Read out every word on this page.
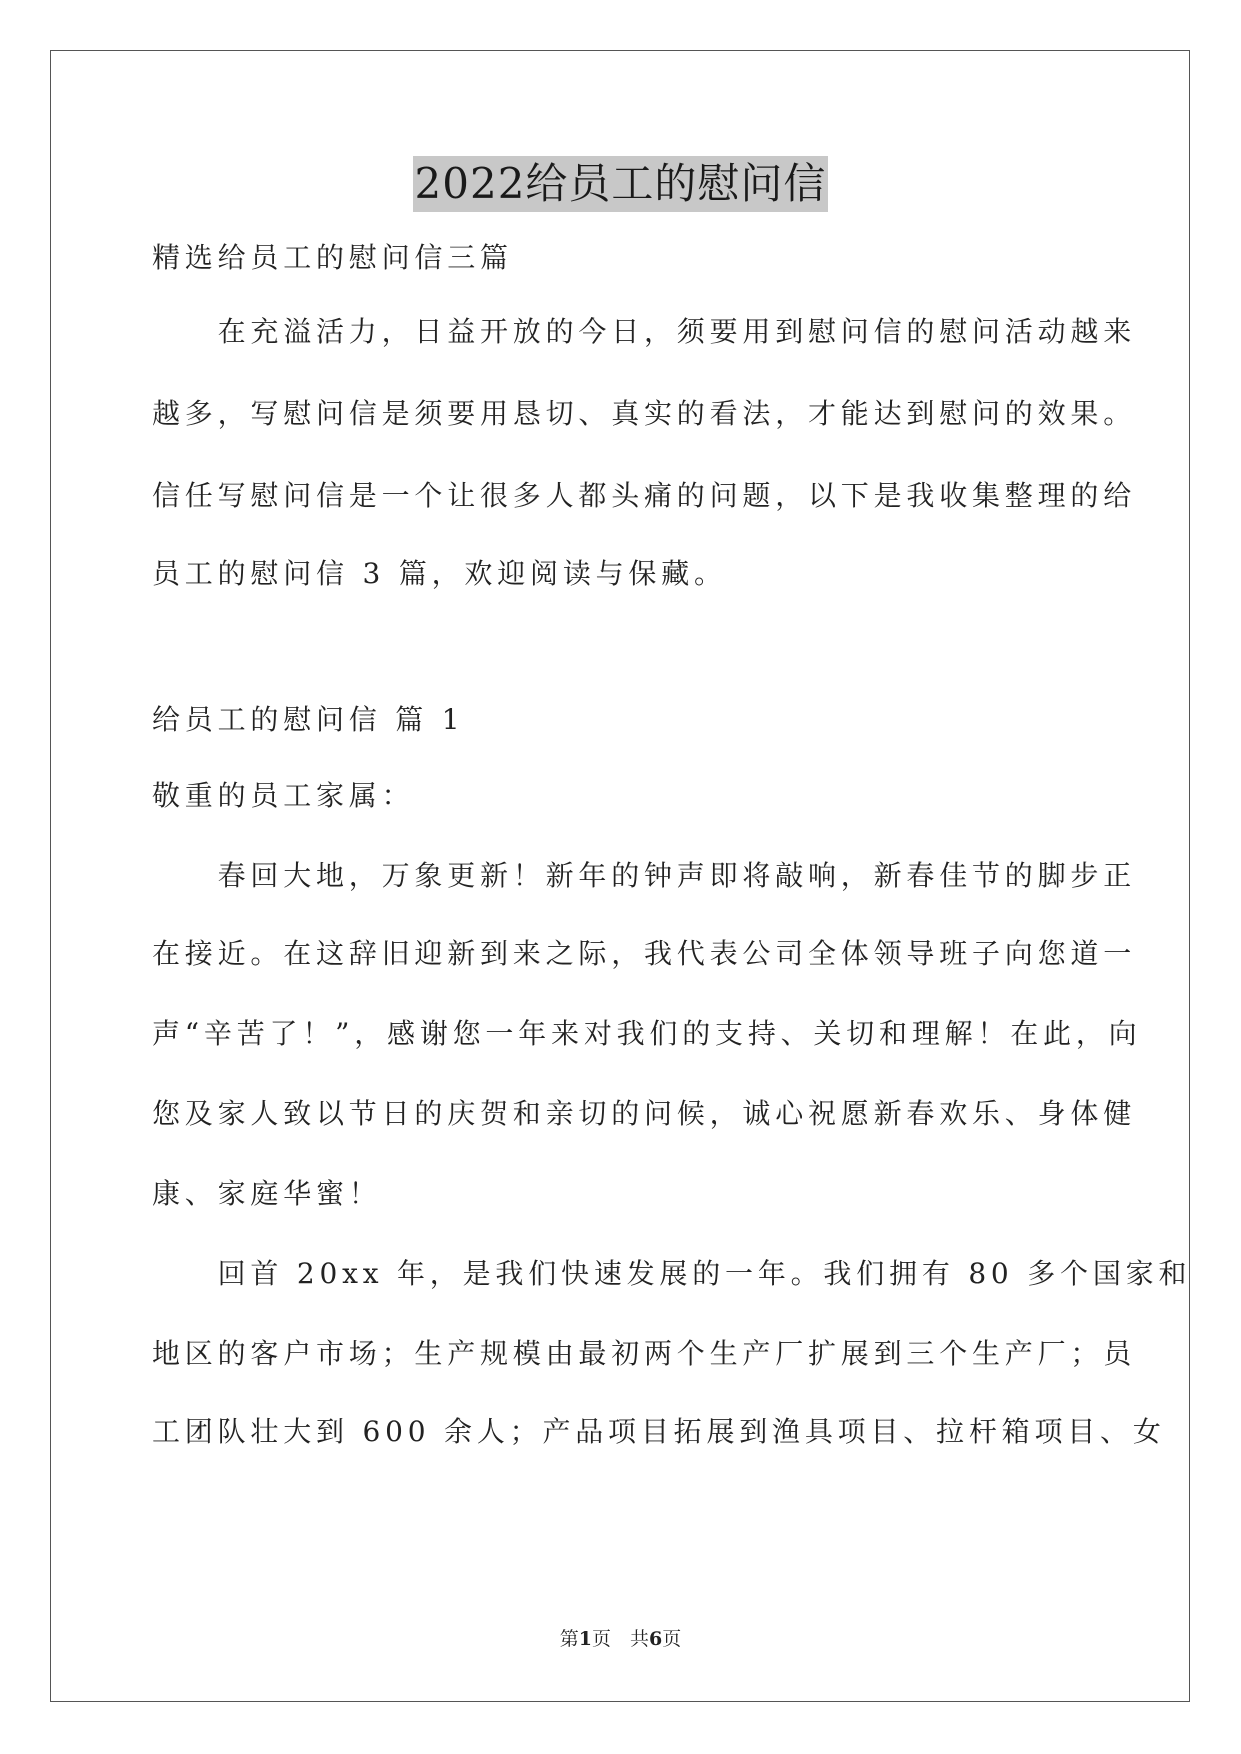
2022给员工的慰问信
精选给员工的慰问信三篇
　　在充溢活力，日益开放的今日，须要用到慰问信的慰问活动越来
越多，写慰问信是须要用恳切、真实的看法，才能达到慰问的效果。
信任写慰问信是一个让很多人都头痛的问题，以下是我收集整理的给
员工的慰问信 3 篇，欢迎阅读与保藏。
给员工的慰问信 篇 1
敬重的员工家属：
　　春回大地，万象更新！新年的钟声即将敲响，新春佳节的脚步正
在接近。在这辞旧迎新到来之际，我代表公司全体领导班子向您道一
声“辛苦了！”，感谢您一年来对我们的支持、关切和理解！在此，向
您及家人致以节日的庆贺和亲切的问候，诚心祝愿新春欢乐、身体健
康、家庭华蜜！
　　回首 20xx 年，是我们快速发展的一年。我们拥有 80 多个国家和
地区的客户市场；生产规模由最初两个生产厂扩展到三个生产厂；员
工团队壮大到 600 余人；产品项目拓展到渔具项目、拉杆箱项目、女
第1页　共6页
